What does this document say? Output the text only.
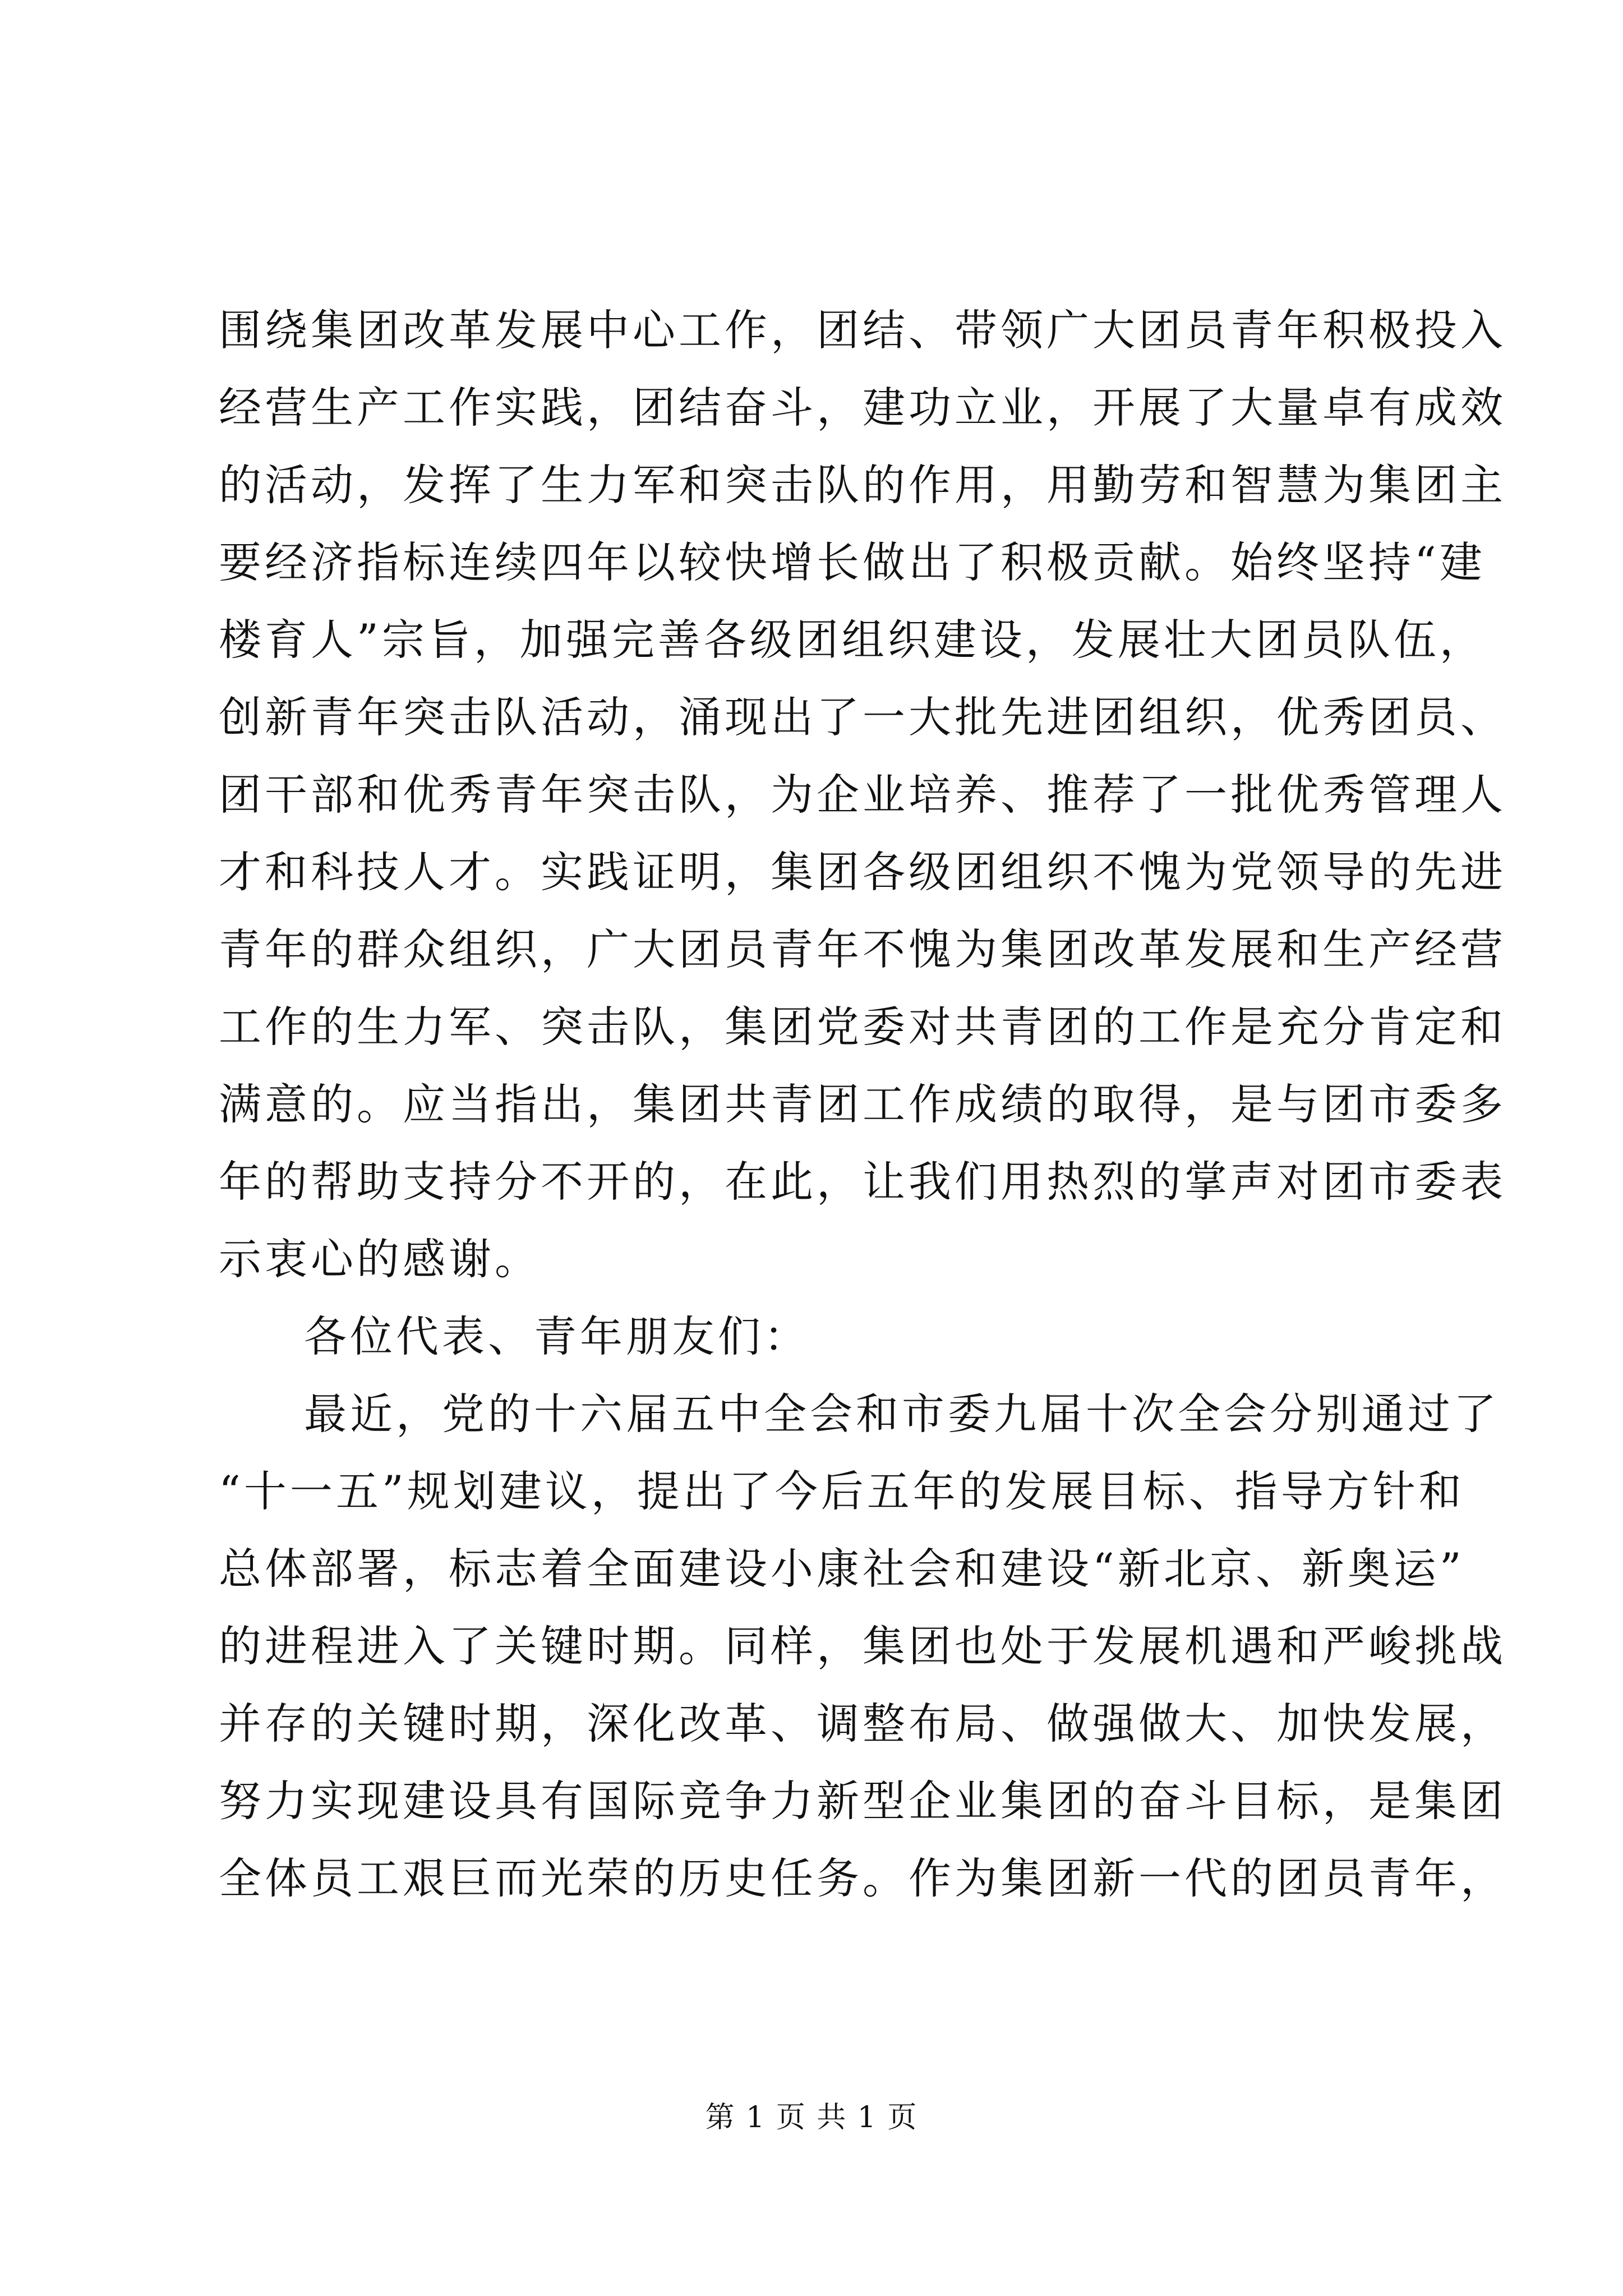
围绕集团改革发展中心工作，团结、带领广大团员青年积极投入
经营生产工作实践，团结奋斗，建功立业，开展了大量卓有成效
的活动，发挥了生力军和突击队的作用，用勤劳和智慧为集团主
要经济指标连续四年以较快增长做出了积极贡献。始终坚持“建
楼育人”宗旨，加强完善各级团组织建设，发展壮大团员队伍，
创新青年突击队活动，涌现出了一大批先进团组织，优秀团员、
团干部和优秀青年突击队，为企业培养、推荐了一批优秀管理人
才和科技人才。实践证明，集团各级团组织不愧为党领导的先进
青年的群众组织，广大团员青年不愧为集团改革发展和生产经营
工作的生力军、突击队，集团党委对共青团的工作是充分肯定和
满意的。应当指出，集团共青团工作成绩的取得，是与团市委多
年的帮助支持分不开的，在此，让我们用热烈的掌声对团市委表
示衷心的感谢。
各位代表、青年朋友们：
最近，党的十六届五中全会和市委九届十次全会分别通过了
“十一五”规划建议，提出了今后五年的发展目标、指导方针和
总体部署，标志着全面建设小康社会和建设“新北京、新奥运”
的进程进入了关键时期。同样，集团也处于发展机遇和严峻挑战
并存的关键时期，深化改革、调整布局、做强做大、加快发展，
努力实现建设具有国际竞争力新型企业集团的奋斗目标，是集团
全体员工艰巨而光荣的历史任务。作为集团新一代的团员青年，
第 1 页 共 1 页
